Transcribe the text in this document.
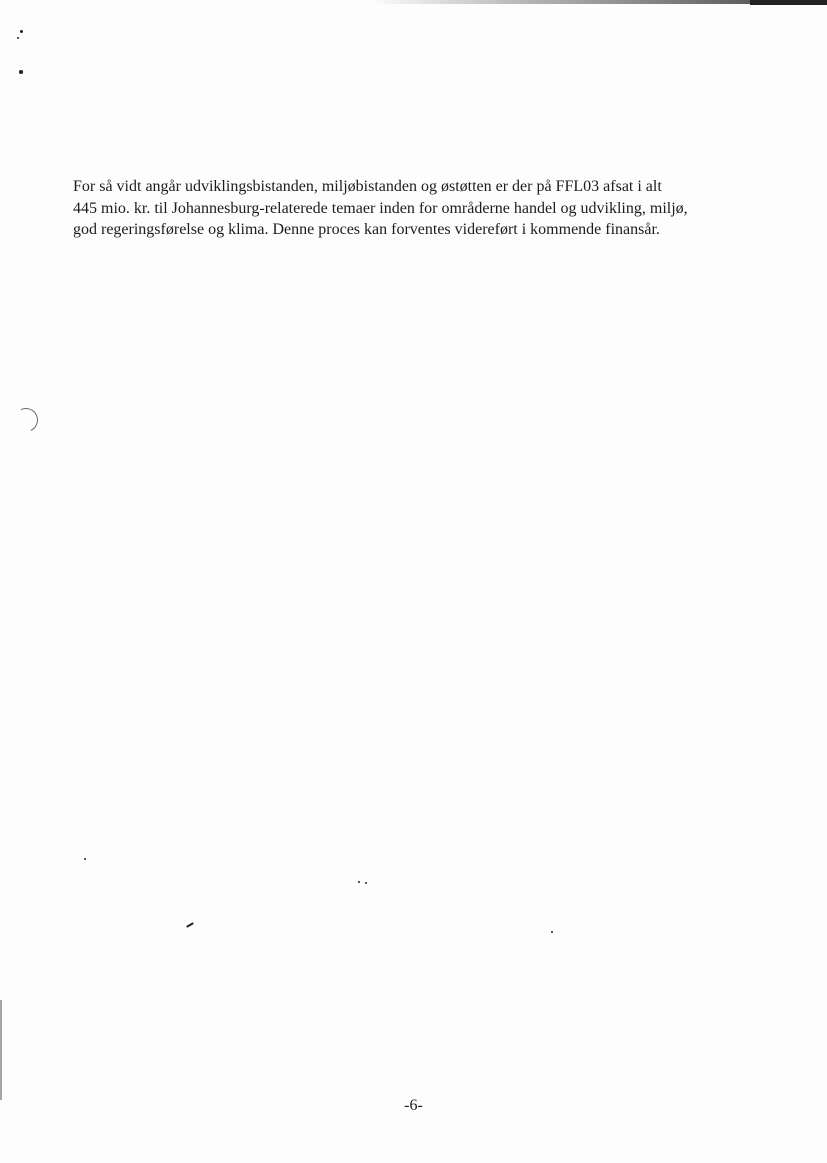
For så vidt angår udviklingsbistanden, miljøbistanden og østøtten er der på FFL03 afsat i alt
445 mio. kr. til Johannesburg-relaterede temaer inden for områderne handel og udvikling, miljø,
god regeringsførelse og klima. Denne proces kan forventes videreført i kommende finansår.
-6-
